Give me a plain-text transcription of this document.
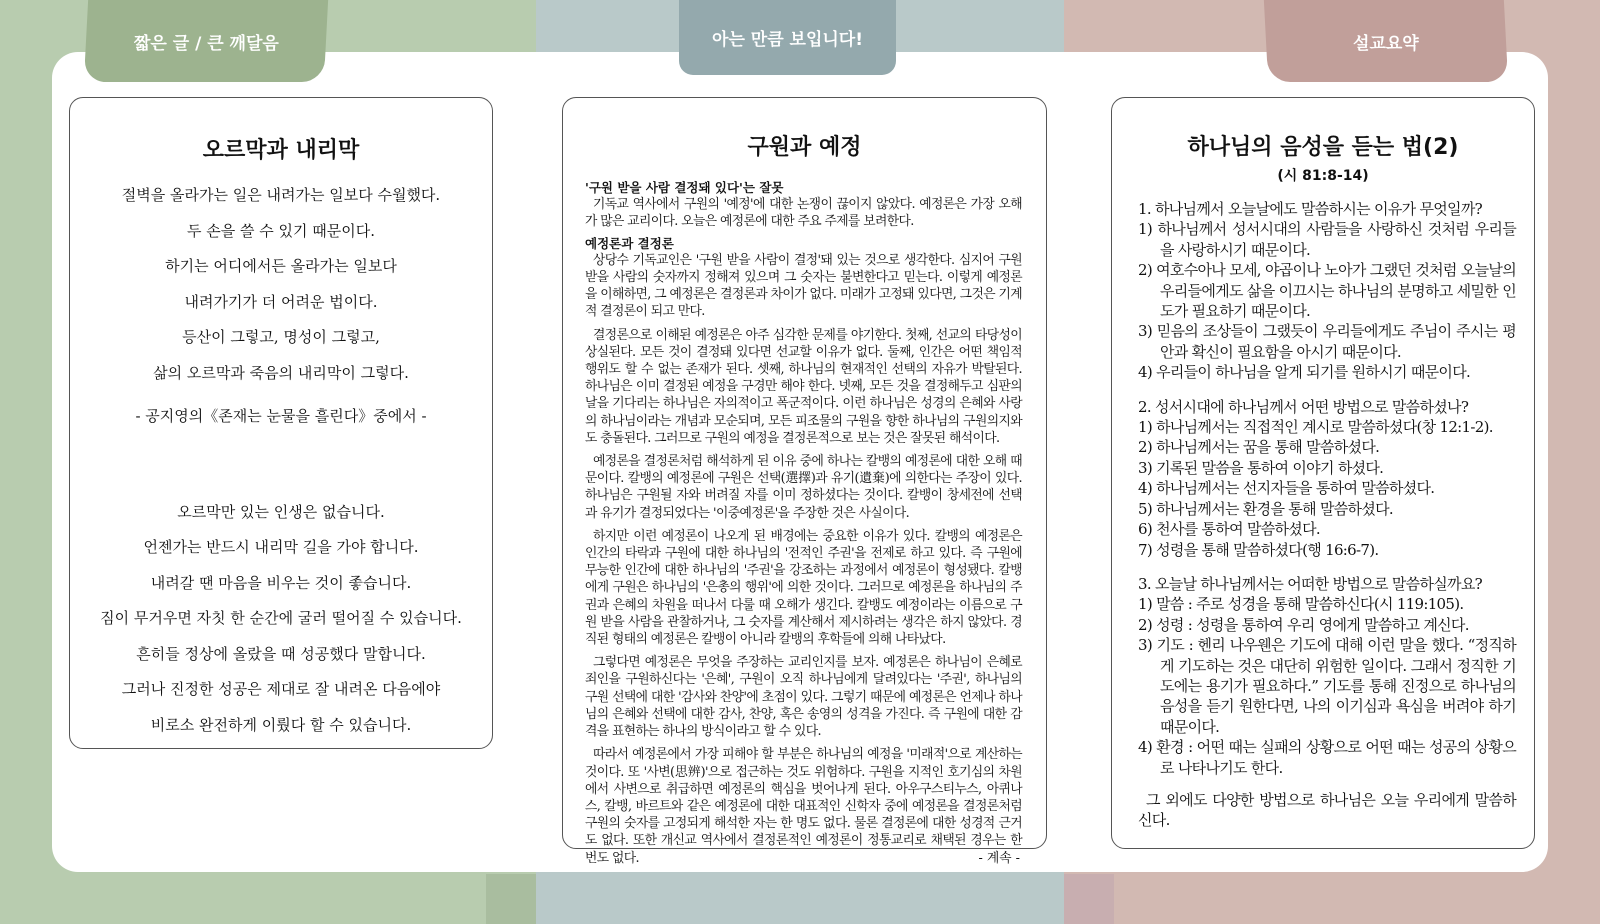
짧은 글 / 큰 깨달음	아는 만큼 보입니다!	설교요약
오르막과 내리막
절벽을 올라가는 일은 내려가는 일보다 수월했다.
두 손을 쓸 수 있기 때문이다.
하기는 어디에서든 올라가는 일보다
내려가기가 더 어려운 법이다.
등산이 그렇고, 명성이 그렇고,
삶의 오르막과 죽음의 내리막이 그렇다.
- 공지영의《존재는 눈물을 흘린다》중에서 -
오르막만 있는 인생은 없습니다.
언젠가는 반드시 내리막 길을 가야 합니다.
내려갈 땐 마음을 비우는 것이 좋습니다.
짐이 무거우면 자칫 한 순간에 굴러 떨어질 수 있습니다.
흔히들 정상에 올랐을 때 성공했다 말합니다.
그러나 진정한 성공은 제대로 잘 내려온 다음에야
비로소 완전하게 이뤘다 할 수 있습니다.
구원과 예정
'구원 받을 사람 결정돼 있다'는 잘못
기독교 역사에서 구원의 '예정'에 대한 논쟁이 끊이지 않았다. 예정론은 가장 오해가 많은 교리이다. 오늘은 예정론에 대한 주요 주제를 보려한다.
예정론과 결정론
상당수 기독교인은 '구원 받을 사람이 결정'돼 있는 것으로 생각한다. 심지어 구원받을 사람의 숫자까지 정해져 있으며 그 숫자는 불변한다고 믿는다. 이렇게 예정론을 이해하면, 그 예정론은 결정론과 차이가 없다. 미래가 고정돼 있다면, 그것은 기계적 결정론이 되고 만다.
결정론으로 이해된 예정론은 아주 심각한 문제를 야기한다. 첫째, 선교의 타당성이 상실된다. 모든 것이 결정돼 있다면 선교할 이유가 없다. 둘째, 인간은 어떤 책임적 행위도 할 수 없는 존재가 된다. 셋째, 하나님의 현재적인 선택의 자유가 박탈된다. 하나님은 이미 결정된 예정을 구경만 해야 한다. 넷째, 모든 것을 결정해두고 심판의 날을 기다리는 하나님은 자의적이고 폭군적이다. 이런 하나님은 성경의 은혜와 사랑의 하나님이라는 개념과 모순되며, 모든 피조물의 구원을 향한 하나님의 구원의지와도 충돌된다. 그러므로 구원의 예정을 결정론적으로 보는 것은 잘못된 해석이다.
예정론을 결정론처럼 해석하게 된 이유 중에 하나는 칼뱅의 예정론에 대한 오해 때문이다. 칼뱅의 예정론에 구원은 선택(選擇)과 유기(遺棄)에 의한다는 주장이 있다. 하나님은 구원될 자와 버려질 자를 이미 정하셨다는 것이다. 칼뱅이 창세전에 선택과 유기가 결정되었다는 '이중예정론'을 주장한 것은 사실이다.
하지만 이런 예정론이 나오게 된 배경에는 중요한 이유가 있다. 칼뱅의 예정론은 인간의 타락과 구원에 대한 하나님의 '전적인 주권'을 전제로 하고 있다. 즉 구원에 무능한 인간에 대한 하나님의 '주권'을 강조하는 과정에서 예정론이 형성됐다. 칼뱅에게 구원은 하나님의 '은총의 행위'에 의한 것이다. 그러므로 예정론을 하나님의 주권과 은혜의 차원을 떠나서 다룰 때 오해가 생긴다. 칼뱅도 예정이라는 이름으로 구원 받을 사람을 관찰하거나, 그 숫자를 계산해서 제시하려는 생각은 하지 않았다. 경직된 형태의 예정론은 칼뱅이 아니라 칼뱅의 후학들에 의해 나타났다.
그렇다면 예정론은 무엇을 주장하는 교리인지를 보자. 예정론은 하나님이 은혜로 죄인을 구원하신다는 '은혜', 구원이 오직 하나님에게 달려있다는 '주권', 하나님의 구원 선택에 대한 '감사와 찬양'에 초점이 있다. 그렇기 때문에 예정론은 언제나 하나님의 은혜와 선택에 대한 감사, 찬양, 혹은 송영의 성격을 가진다. 즉 구원에 대한 감격을 표현하는 하나의 방식이라고 할 수 있다.
따라서 예정론에서 가장 피해야 할 부분은 하나님의 예정을 '미래적'으로 계산하는 것이다. 또 '사변(思辨)'으로 접근하는 것도 위험하다. 구원을 지적인 호기심의 차원에서 사변으로 취급하면 예정론의 핵심을 벗어나게 된다. 아우구스티누스, 아퀴나스, 칼뱅, 바르트와 같은 예정론에 대한 대표적인 신학자 중에 예정론을 결정론처럼 구원의 숫자를 고정되게 해석한 자는 한 명도 없다. 물론 결정론에 대한 성경적 근거도 없다. 또한 개신교 역사에서 결정론적인 예정론이 정통교리로 채택된 경우는 한 번도 없다.	- 계속 -
하나님의 음성을 듣는 법(2)
(시 81:8-14)
1. 하나님께서 오늘날에도 말씀하시는 이유가 무엇일까?
1) 하나님께서 성서시대의 사람들을 사랑하신 것처럼 우리들을 사랑하시기 때문이다.
2) 여호수아나 모세, 야곱이나 노아가 그랬던 것처럼 오늘날의 우리들에게도 삶을 이끄시는 하나님의 분명하고 세밀한 인도가 필요하기 때문이다.
3) 믿음의 조상들이 그랬듯이 우리들에게도 주님이 주시는 평안과 확신이 필요함을 아시기 때문이다.
4) 우리들이 하나님을 알게 되기를 원하시기 때문이다.
2. 성서시대에 하나님께서 어떤 방법으로 말씀하셨나?
1) 하나님께서는 직접적인 계시로 말씀하셨다(창 12:1-2).
2) 하나님께서는 꿈을 통해 말씀하셨다.
3) 기록된 말씀을 통하여 이야기 하셨다.
4) 하나님께서는 선지자들을 통하여 말씀하셨다.
5) 하나님께서는 환경을 통해 말씀하셨다.
6) 천사를 통하여 말씀하셨다.
7) 성령을 통해 말씀하셨다(행 16:6-7).
3. 오늘날 하나님께서는 어떠한 방법으로 말씀하실까요?
1) 말씀 : 주로 성경을 통해 말씀하신다(시 119:105).
2) 성령 : 성령을 통하여 우리 영에게 말씀하고 계신다.
3) 기도 : 헨리 나우웬은 기도에 대해 이런 말을 했다. “정직하게 기도하는 것은 대단히 위험한 일이다. 그래서 정직한 기도에는 용기가 필요하다.” 기도를 통해 진정으로 하나님의 음성을 듣기 원한다면, 나의 이기심과 욕심을 버려야 하기 때문이다.
4) 환경 : 어떤 때는 실패의 상황으로 어떤 때는 성공의 상황으로 나타나기도 한다.
그 외에도 다양한 방법으로 하나님은 오늘 우리에게 말씀하신다.
